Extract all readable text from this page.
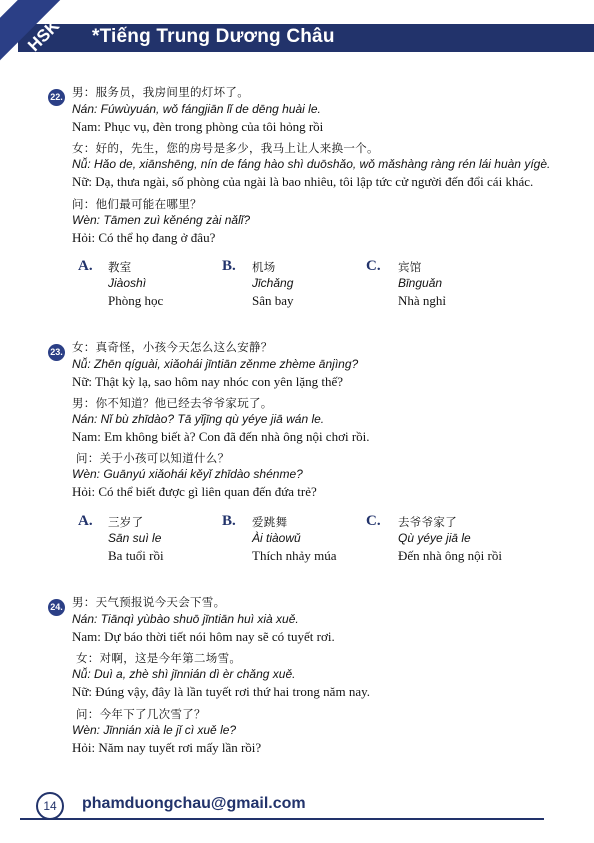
*Tiếng Trung Dương Châu
HSK
22. 男：服务员，我房间里的灯坏了。
Nán: Fúwùyuán, wǒ fángjiān lǐ de dēng huài le.
Nam: Phục vụ, đèn trong phòng của tôi hỏng rồi
女：好的，先生，您的房号是多少，我马上让人来换一个。
Nǚ: Hǎo de, xiānshēng, nín de fáng hào shì duōshǎo, wǒ mǎshàng ràng rén lái huàn yígè.
Nữ: Dạ, thưa ngài, số phòng của ngài là bao nhiêu, tôi lập tức cử người đến đổi cái khác.
问：他们最可能在哪里？
Wèn: Tāmen zuì kěnéng zài nǎlǐ?
Hỏi: Có thể họ đang ở đâu?
A. 教室
Jiàoshì
Phòng học
B. 机场
Jīchǎng
Sân bay
C. 宾馆
Bīnguǎn
Nhà nghỉ
23. 女：真奇怪，小孩今天怎么这么安静？
Nǚ: Zhēn qíguài, xiǎohái jīntiān zěnme zhème ānjìng?
Nữ: Thật kỳ lạ, sao hôm nay nhóc con yên lặng thế?
男：你不知道？他已经去爷爷家玩了。
Nán: Nǐ bù zhīdào? Tā yǐjīng qù yéye jiā wán le.
Nam: Em không biết à? Con đã đến nhà ông nội chơi rồi.
问：关于小孩可以知道什么？
Wèn: Guānyú xiǎohái kěyǐ zhīdào shénme?
Hỏi: Có thể biết được gì liên quan đến đứa trẻ?
A. 三岁了
Sān suì le
Ba tuổi rồi
B. 爱跳舞
Ài tiàowǔ
Thích nhảy múa
C. 去爷爷家了
Qù yéye jiā le
Đến nhà ông nội rồi
24. 男：天气预报说今天会下雪。
Nán: Tiānqì yùbào shuō jīntiān huì xià xuě.
Nam: Dự báo thời tiết nói hôm nay sẽ có tuyết rơi.
女：对啊，这是今年第二场雪。
Nǚ: Duì a, zhè shì jīnnián dì èr chǎng xuě.
Nữ: Đúng vậy, đây là lần tuyết rơi thứ hai trong năm nay.
问：今年下了几次雪了？
Wèn: Jīnnián xià le jǐ cì xuě le?
Hỏi: Năm nay tuyết rơi mấy lần rồi?
14	phamduongchau@gmail.com
